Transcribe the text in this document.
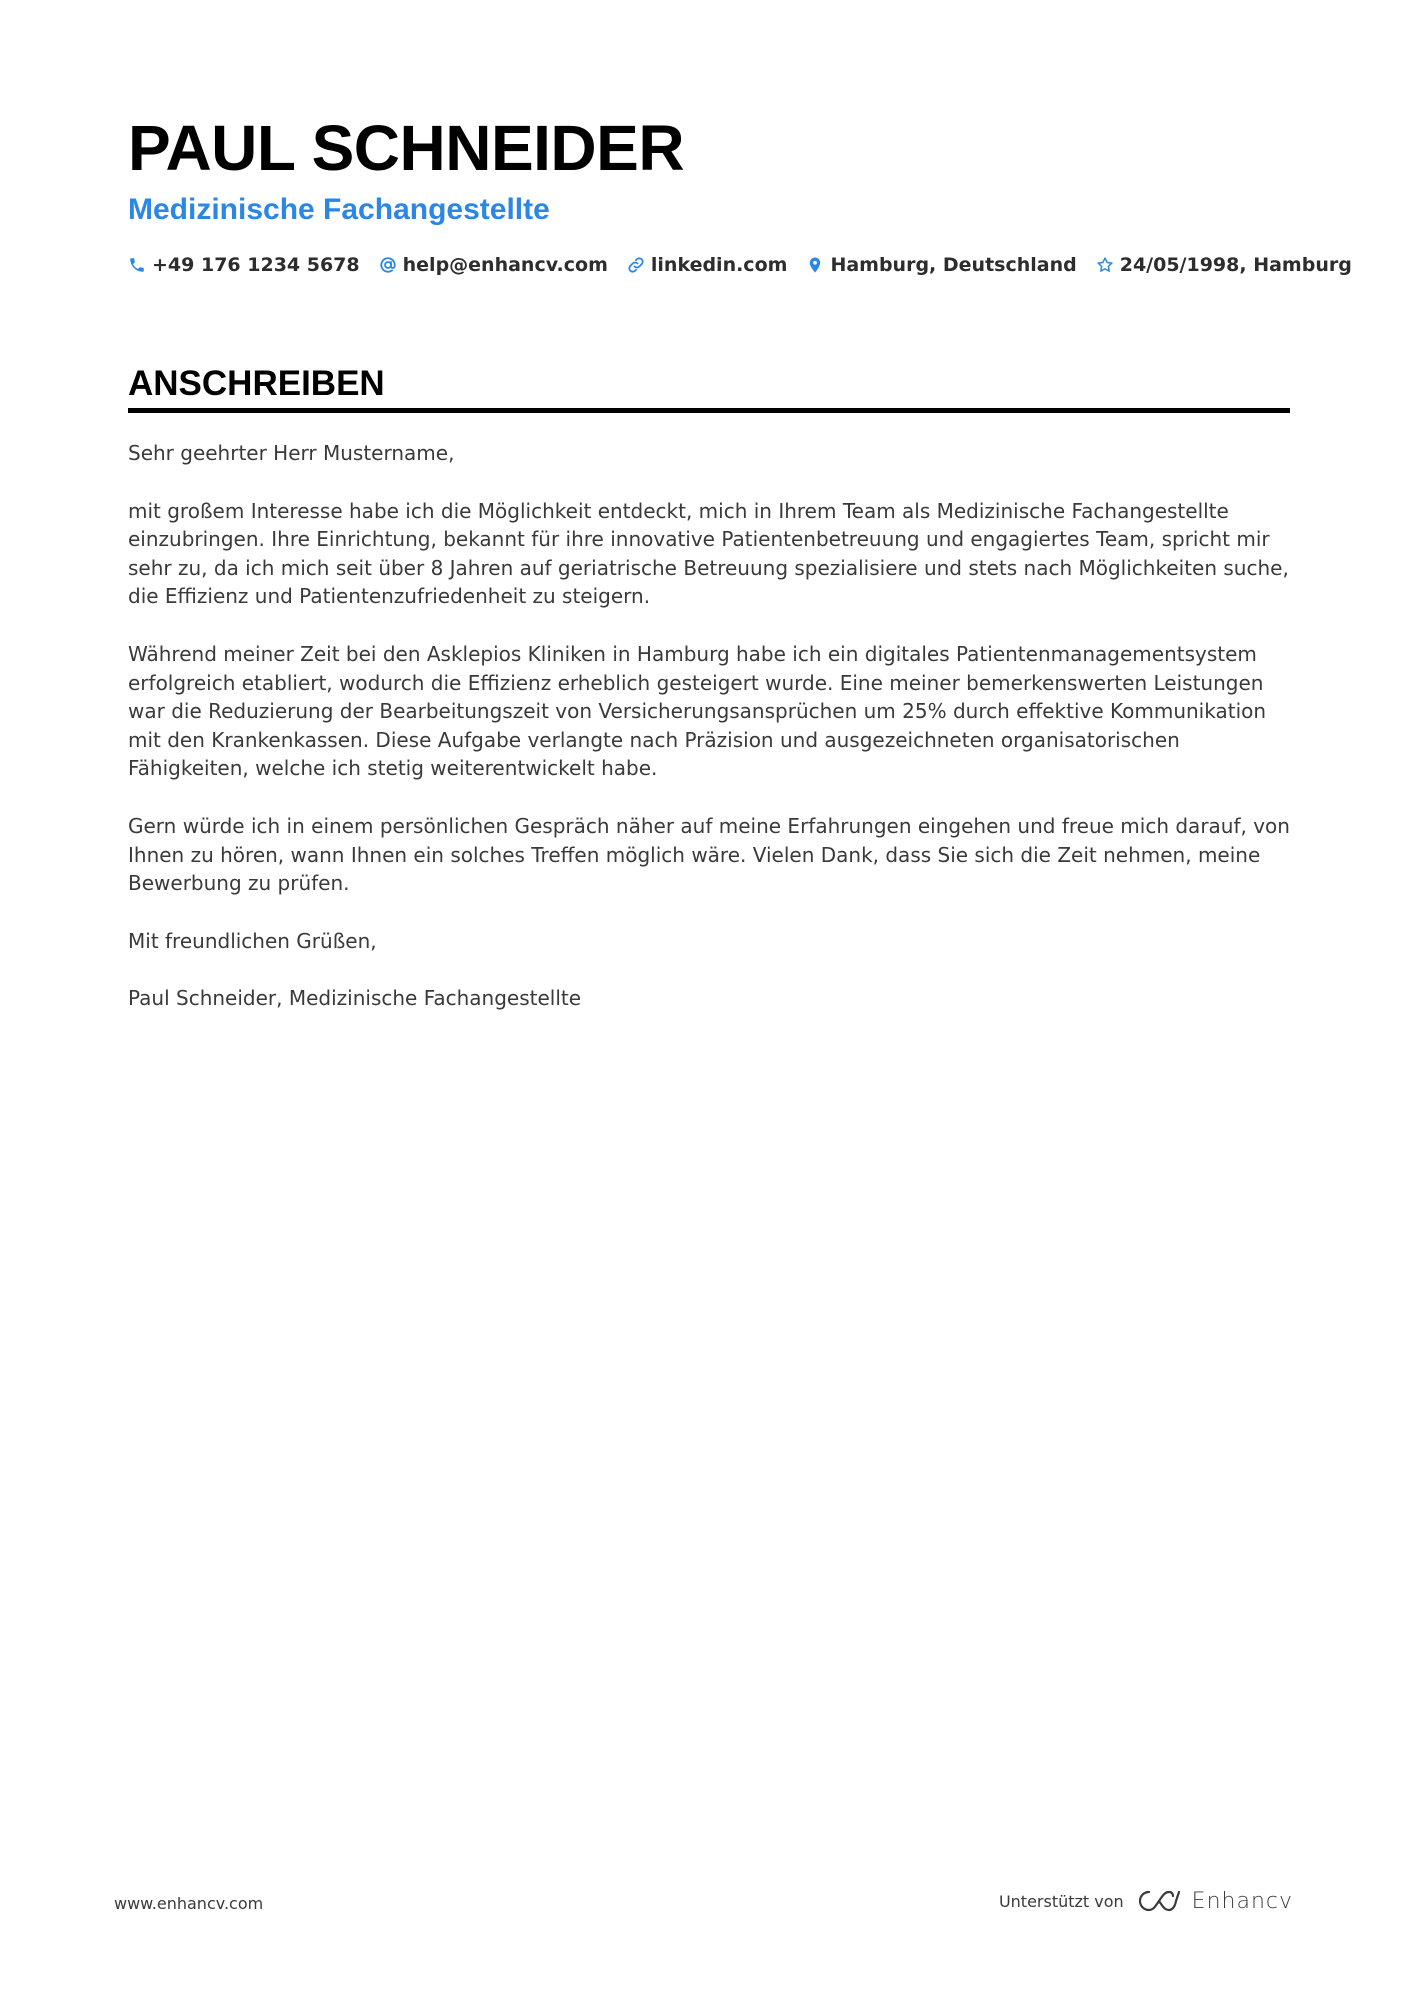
PAUL SCHNEIDER
Medizinische Fachangestellte
+49 176 1234 5678 help@enhancv.com linkedin.com Hamburg, Deutschland 24/05/1998, Hamburg
ANSCHREIBEN

Sehr geehrter Herr Mustername,

mit großem Interesse habe ich die Möglichkeit entdeckt, mich in Ihrem Team als Medizinische Fachangestellte einzubringen. Ihre Einrichtung, bekannt für ihre innovative Patientenbetreuung und engagiertes Team, spricht mir sehr zu, da ich mich seit über 8 Jahren auf geriatrische Betreuung spezialisiere und stets nach Möglichkeiten suche, die Effizienz und Patientenzufriedenheit zu steigern.

Während meiner Zeit bei den Asklepios Kliniken in Hamburg habe ich ein digitales Patientenmanagementsystem erfolgreich etabliert, wodurch die Effizienz erheblich gesteigert wurde. Eine meiner bemerkenswerten Leistungen war die Reduzierung der Bearbeitungszeit von Versicherungsansprüchen um 25% durch effektive Kommunikation mit den Krankenkassen. Diese Aufgabe verlangte nach Präzision und ausgezeichneten organisatorischen Fähigkeiten, welche ich stetig weiterentwickelt habe.

Gern würde ich in einem persönlichen Gespräch näher auf meine Erfahrungen eingehen und freue mich darauf, von Ihnen zu hören, wann Ihnen ein solches Treffen möglich wäre. Vielen Dank, dass Sie sich die Zeit nehmen, meine Bewerbung zu prüfen.

Mit freundlichen Grüßen,

Paul Schneider, Medizinische Fachangestellte

www.enhancv.com	Unterstützt von	Enhancv
